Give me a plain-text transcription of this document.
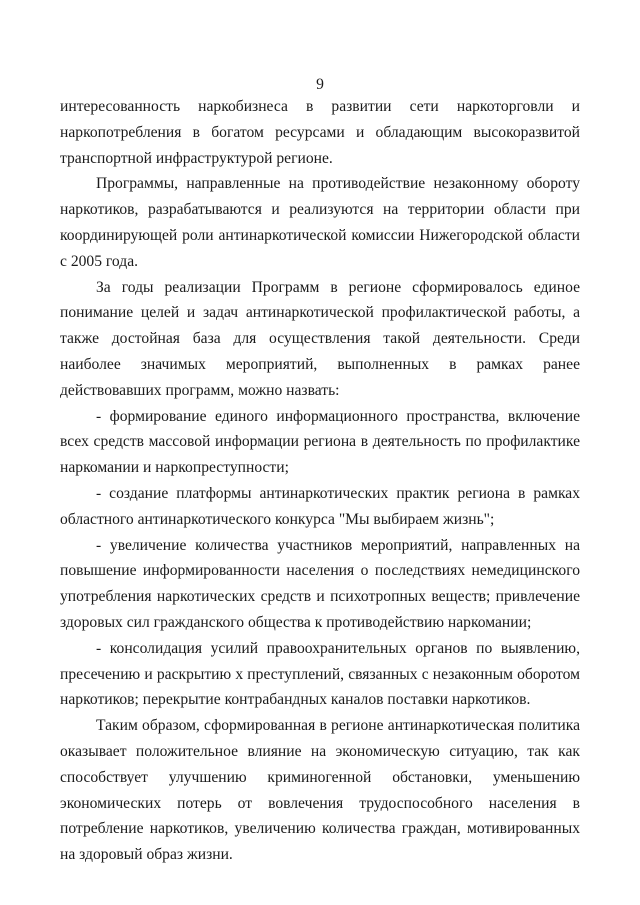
9

интересованность наркобизнеса в развитии сети наркоторговли и наркопотребления в богатом ресурсами и обладающим высокоразвитой транспортной инфраструктурой регионе.

Программы, направленные на противодействие незаконному обороту наркотиков, разрабатываются и реализуются на территории области при координирующей роли антинаркотической комиссии Нижегородской области с 2005 года.

За годы реализации Программ в регионе сформировалось единое понимание целей и задач антинаркотической профилактической работы, а также достойная база для осуществления такой деятельности. Среди наиболее значимых мероприятий, выполненных в рамках ранее действовавших программ, можно назвать:

- формирование единого информационного пространства, включение всех средств массовой информации региона в деятельность по профилактике наркомании и наркопреступности;

- создание платформы антинаркотических практик региона в рамках областного антинаркотического конкурса "Мы выбираем жизнь";

- увеличение количества участников мероприятий, направленных на повышение информированности населения о последствиях немедицинского употребления наркотических средств и психотропных веществ; привлечение здоровых сил гражданского общества к противодействию наркомании;

- консолидация усилий правоохранительных органов по выявлению, пресечению и раскрытию х преступлений, связанных с незаконным оборотом наркотиков; перекрытие контрабандных каналов поставки наркотиков.

Таким образом, сформированная в регионе антинаркотическая политика оказывает положительное влияние на экономическую ситуацию, так как способствует улучшению криминогенной обстановки, уменьшению экономических потерь от вовлечения трудоспособного населения в потребление наркотиков, увеличению количества граждан, мотивированных на здоровый образ жизни.
